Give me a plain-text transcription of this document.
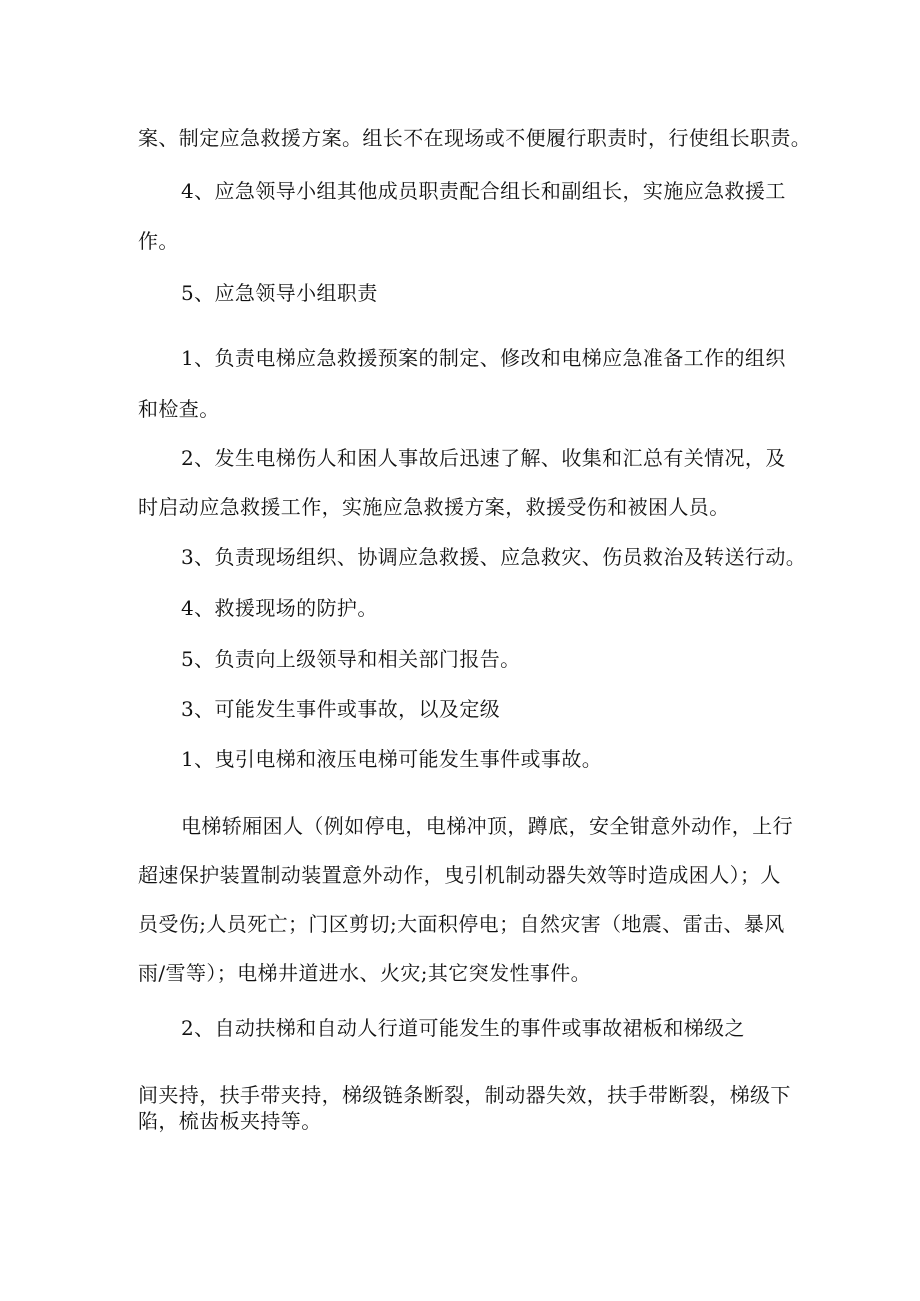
案、制定应急救援方案。组长不在现场或不便履行职责时，行使组长职责。
4、应急领导小组其他成员职责配合组长和副组长，实施应急救援工
作。
5、应急领导小组职责
1、负责电梯应急救援预案的制定、修改和电梯应急准备工作的组织
和检查。
2、发生电梯伤人和困人事故后迅速了解、收集和汇总有关情况，及
时启动应急救援工作，实施应急救援方案，救援受伤和被困人员。
3、负责现场组织、协调应急救援、应急救灾、伤员救治及转送行动。
4、救援现场的防护。
5、负责向上级领导和相关部门报告。
3、可能发生事件或事故，以及定级
1、曳引电梯和液压电梯可能发生事件或事故。
电梯轿厢困人（例如停电，电梯冲顶，蹲底，安全钳意外动作，上行
超速保护装置制动装置意外动作，曳引机制动器失效等时造成困人）；人
员受伤;人员死亡；门区剪切;大面积停电；自然灾害（地震、雷击、暴风
雨/雪等）；电梯井道进水、火灾;其它突发性事件。
2、自动扶梯和自动人行道可能发生的事件或事故裙板和梯级之
间夹持，扶手带夹持，梯级链条断裂，制动器失效，扶手带断裂，梯级下
陷，梳齿板夹持等。
